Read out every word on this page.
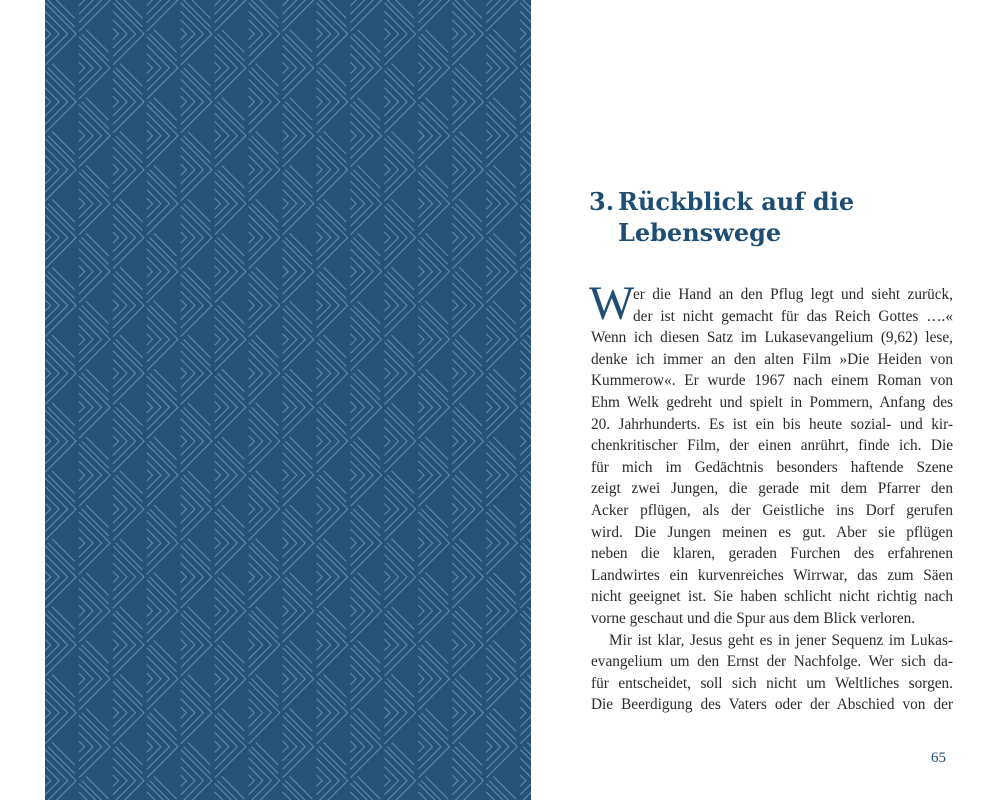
3. Rückblick auf die
Lebenswege

W
er die Hand an den Pflug legt und sieht zurück,
der ist nicht gemacht für das Reich Gottes ….«
Wenn ich diesen Satz im Lukasevangelium (9,62) lese,
denke ich immer an den alten Film »Die Heiden von
Kummerow«. Er wurde 1967 nach einem Roman von
Ehm Welk gedreht und spielt in Pommern, Anfang des
20. Jahrhunderts. Es ist ein bis heute sozial- und kir-
chenkritischer Film, der einen anrührt, finde ich. Die
für mich im Gedächtnis besonders haftende Szene
zeigt zwei Jungen, die gerade mit dem Pfarrer den
Acker pflügen, als der Geistliche ins Dorf gerufen
wird. Die Jungen meinen es gut. Aber sie pflügen
neben die klaren, geraden Furchen des erfahrenen
Landwirtes ein kurvenreiches Wirrwar, das zum Säen
nicht geeignet ist. Sie haben schlicht nicht richtig nach
vorne geschaut und die Spur aus dem Blick verloren.

Mir ist klar, Jesus geht es in jener Sequenz im Lukas-
evangelium um den Ernst der Nachfolge. Wer sich da-
für entscheidet, soll sich nicht um Weltliches sorgen.
Die Beerdigung des Vaters oder der Abschied von der

65
